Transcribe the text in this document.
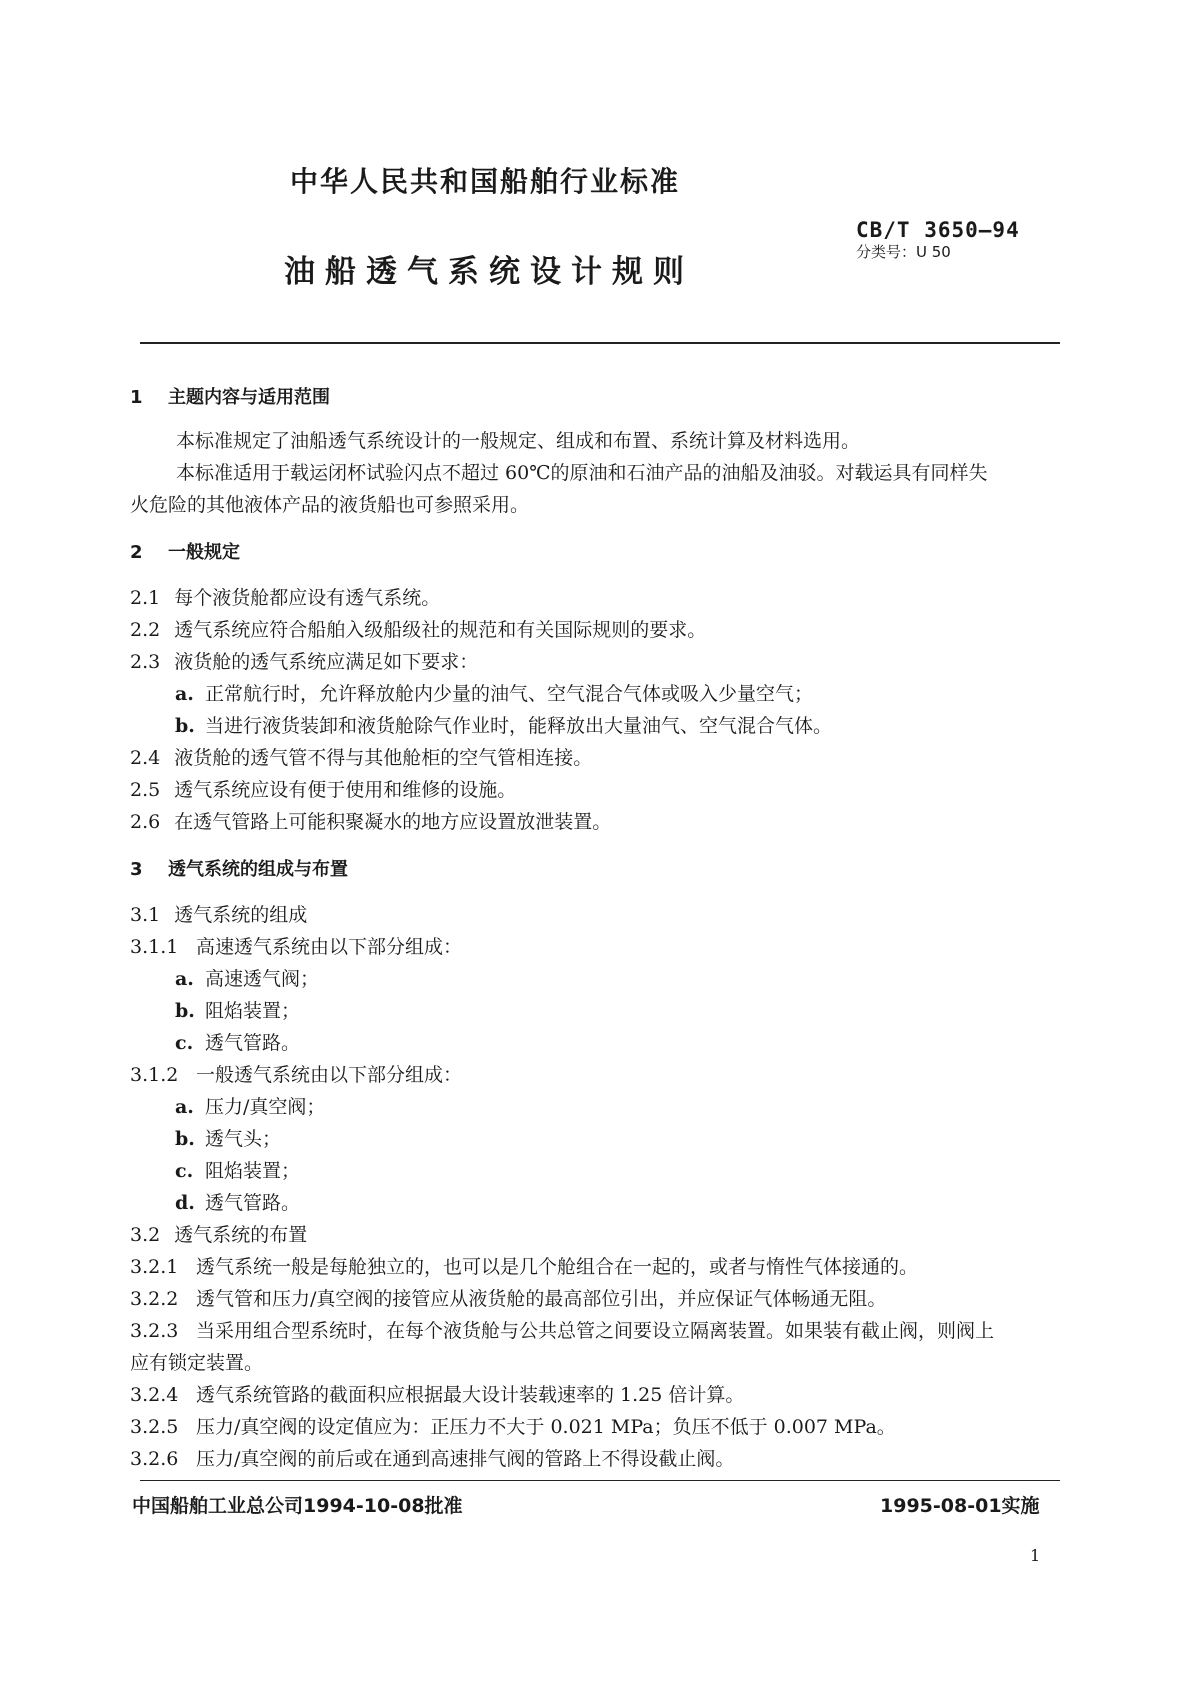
中华人民共和国船舶行业标准
油船透气系统设计规则
CB/T 3650—94
分类号：U 50
1 主题内容与适用范围
本标准规定了油船透气系统设计的一般规定、组成和布置、系统计算及材料选用。
本标准适用于载运闭杯试验闪点不超过 60℃的原油和石油产品的油船及油驳。对载运具有同样失
火危险的其他液体产品的液货船也可参照采用。
2 一般规定
2.1 每个液货舱都应设有透气系统。
2.2 透气系统应符合船舶入级船级社的规范和有关国际规则的要求。
2.3 液货舱的透气系统应满足如下要求：
a. 正常航行时，允许释放舱内少量的油气、空气混合气体或吸入少量空气；
b. 当进行液货装卸和液货舱除气作业时，能释放出大量油气、空气混合气体。
2.4 液货舱的透气管不得与其他舱柜的空气管相连接。
2.5 透气系统应设有便于使用和维修的设施。
2.6 在透气管路上可能积聚凝水的地方应设置放泄装置。
3 透气系统的组成与布置
3.1 透气系统的组成
3.1.1 高速透气系统由以下部分组成：
a. 高速透气阀；
b. 阻焰装置；
c. 透气管路。
3.1.2 一般透气系统由以下部分组成：
a. 压力/真空阀；
b. 透气头；
c. 阻焰装置；
d. 透气管路。
3.2 透气系统的布置
3.2.1 透气系统一般是每舱独立的，也可以是几个舱组合在一起的，或者与惰性气体接通的。
3.2.2 透气管和压力/真空阀的接管应从液货舱的最高部位引出，并应保证气体畅通无阻。
3.2.3 当采用组合型系统时，在每个液货舱与公共总管之间要设立隔离装置。如果装有截止阀，则阀上
应有锁定装置。
3.2.4 透气系统管路的截面积应根据最大设计装载速率的 1.25 倍计算。
3.2.5 压力/真空阀的设定值应为：正压力不大于 0.021 MPa；负压不低于 0.007 MPa。
3.2.6 压力/真空阀的前后或在通到高速排气阀的管路上不得设截止阀。
中国船舶工业总公司1994-10-08批准	1995-08-01实施
1
